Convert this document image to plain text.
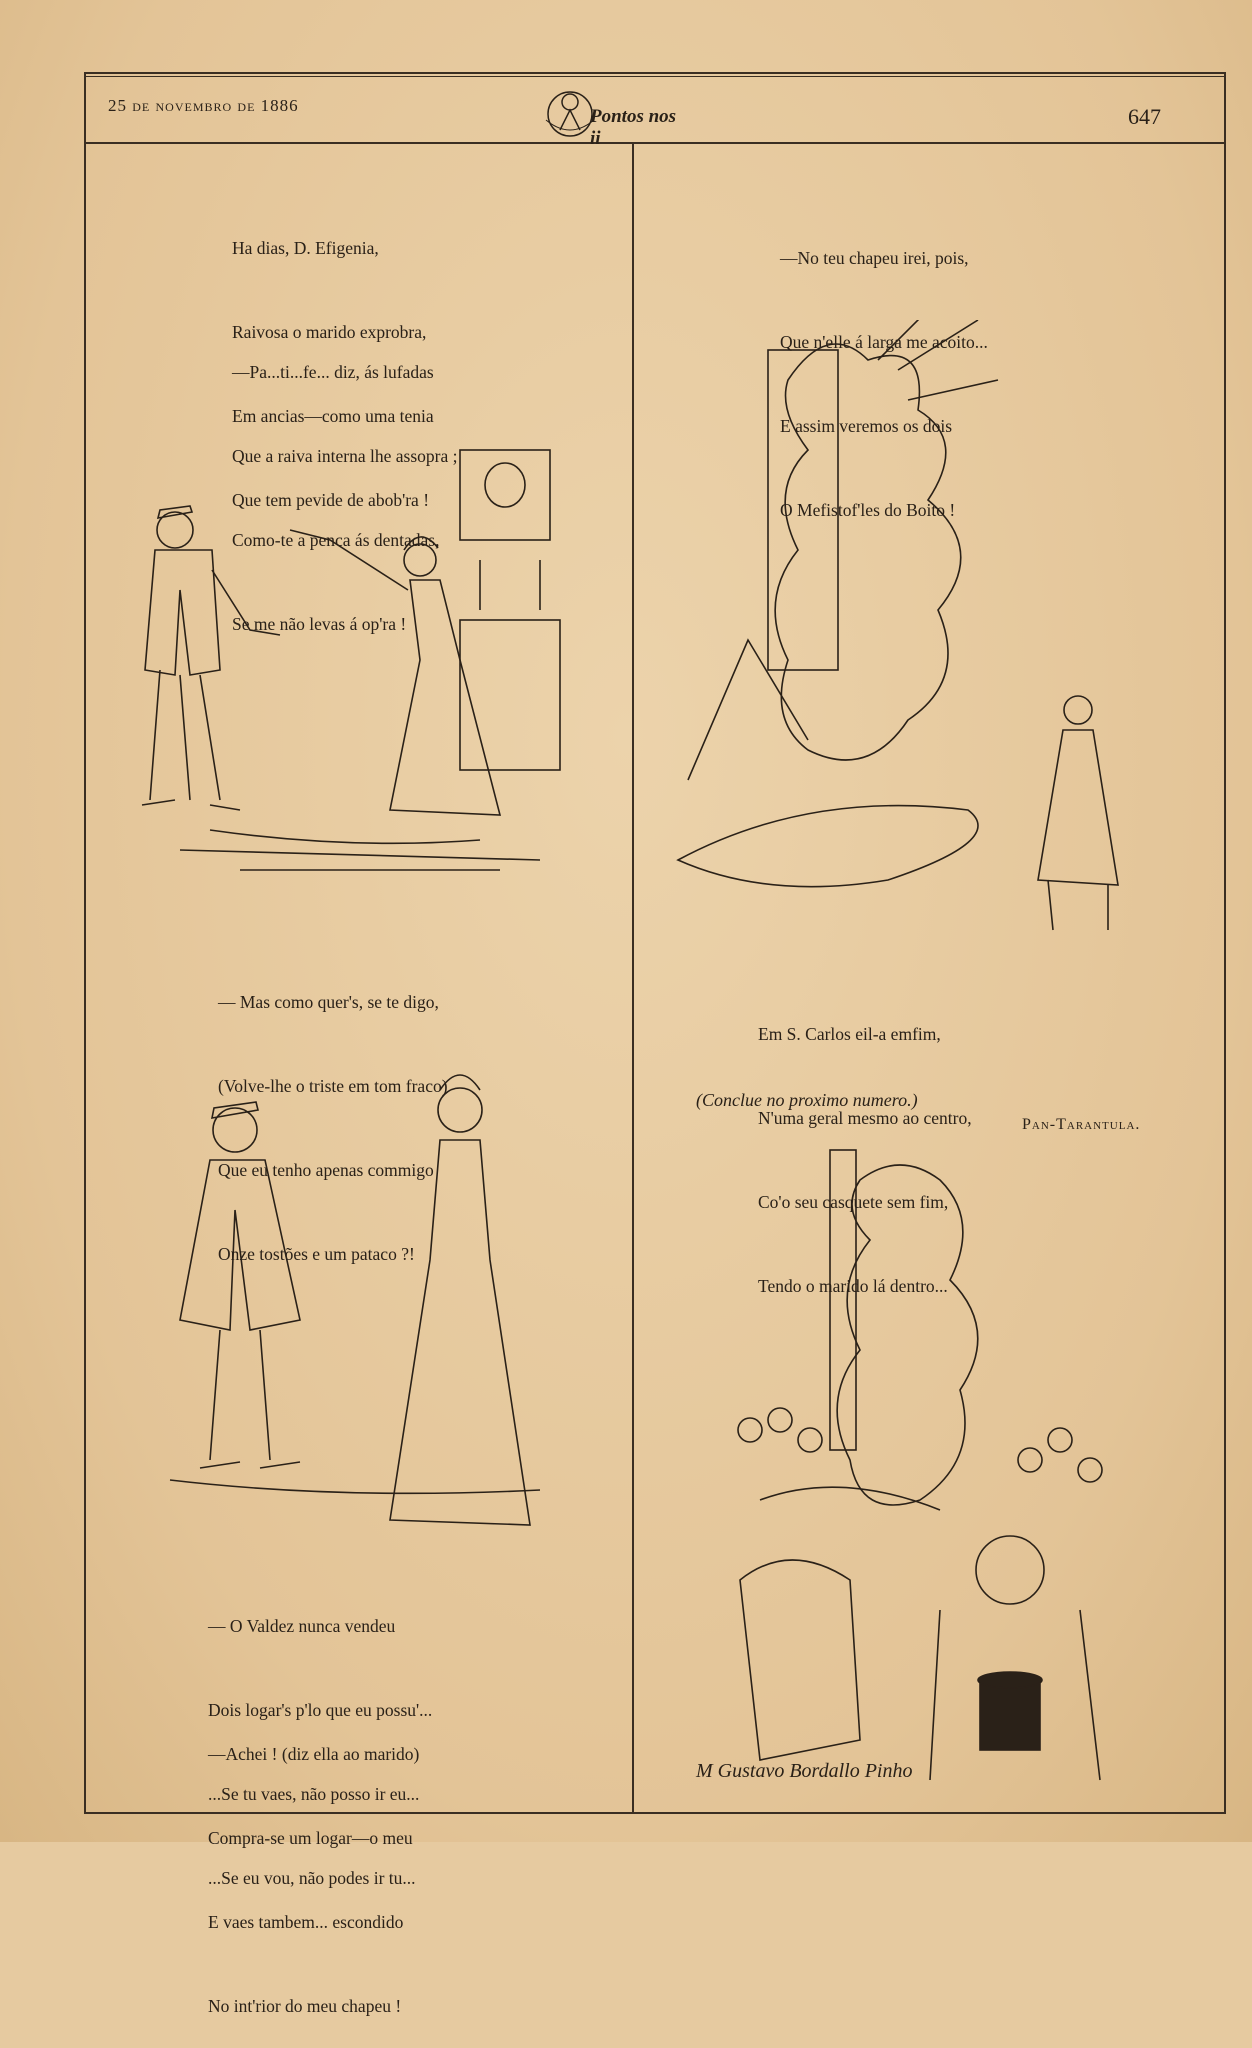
25 de novembro de 1886
Pontos nos ii
647

Ha dias, D. Efigenia,

Raivosa o marido exprobra,

Em ancias—como uma tenia

Que tem pevide de abob'ra !

—Pa...ti...fe... diz, ás lufadas

Que a raiva interna lhe assopra ;

Como-te a penca ás dentadas,

Se me não levas á op'ra !

— Mas como quer's, se te digo,

(Volve-lhe o triste em tom fraco)

Que eu tenho apenas commigo

Onze tostões e um pataco ?!

— O Valdez nunca vendeu

Dois logar's p'lo que eu possu'...

...Se tu vaes, não posso ir eu...

...Se eu vou, não podes ir tu...

—Achei ! (diz ella ao marido)

Compra-se um logar—o meu

E vaes tambem... escondido

No int'rior do meu chapeu !

—No teu chapeu irei, pois,

Que n'elle á larga me acoito...

E assim veremos os dois

O Mefistof'les do Boito !

Em S. Carlos eil-a emfim,

N'uma geral mesmo ao centro,

Co'o seu casquete sem fim,

Tendo o marido lá dentro...

(Conclue no proximo numero.)
Pan-Tarantula.
M Gustavo Bordallo Pinho
